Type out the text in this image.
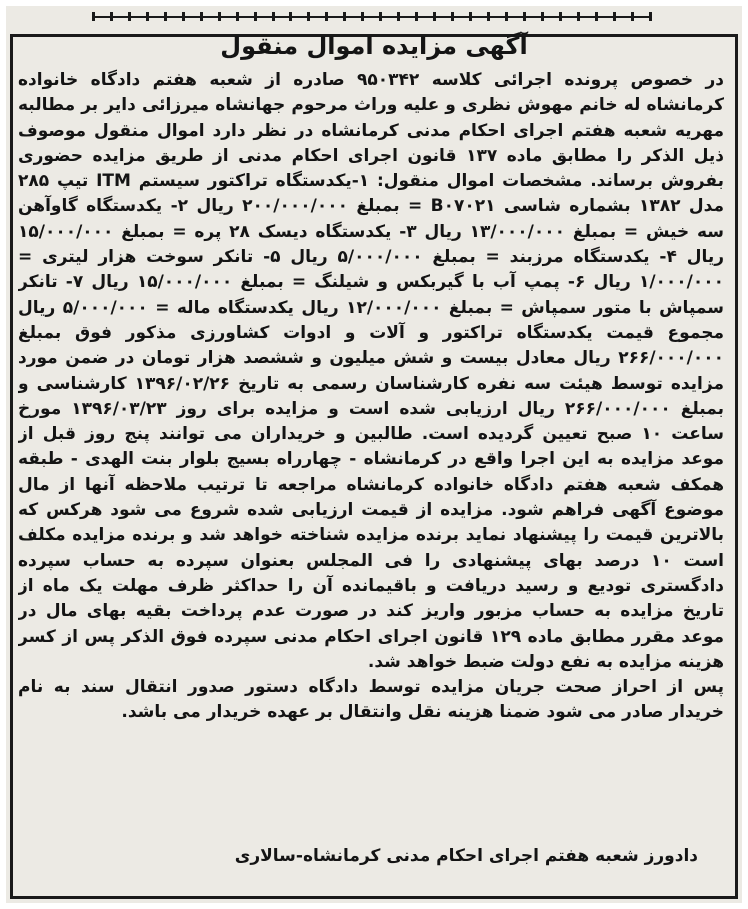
آگهی مزایده اموال منقول

در خصوص پرونده اجرائی کلاسه ۹۵۰۳۴۲ صادره از شعبه هفتم دادگاه خانواده کرمانشاه له خانم مهوش نظری و علیه وراث مرحوم جهانشاه میرزائی دایر بر مطالبه مهریه شعبه هفتم اجرای احکام مدنی کرمانشاه در نظر دارد اموال منقول موصوف ذیل الذکر را مطابق ماده ۱۳۷ قانون اجرای احکام مدنی از طریق مزایده حضوری بفروش برساند. مشخصات اموال منقول: ۱-یکدستگاه تراکتور سیستم ITM تیپ ۲۸۵ مدل ۱۳۸۲ بشماره شاسی B۰۷۰۲۱ = بمبلغ ۲۰۰/۰۰۰/۰۰۰ ریال ۲- یکدستگاه گاوآهن سه خیش = بمبلغ ۱۳/۰۰۰/۰۰۰ ریال ۳- یکدستگاه دیسک ۲۸ پره = بمبلغ ۱۵/۰۰۰/۰۰۰ ریال ۴- یکدستگاه مرزبند = بمبلغ ۵/۰۰۰/۰۰۰ ریال ۵- تانکر سوخت هزار لیتری = ۱/۰۰۰/۰۰۰ ریال ۶- پمپ آب با گیربکس و شیلنگ = بمبلغ ۱۵/۰۰۰/۰۰۰ ریال ۷- تانکر سمپاش با متور سمپاش = بمبلغ ۱۲/۰۰۰/۰۰۰ ریال یکدستگاه ماله = ۵/۰۰۰/۰۰۰ ریال مجموع قیمت یکدستگاه تراکتور و آلات و ادوات کشاورزی مذکور فوق بمبلغ ۲۶۶/۰۰۰/۰۰۰ ریال معادل بیست و شش میلیون و ششصد هزار تومان در ضمن مورد مزایده توسط هیئت سه نفره کارشناسان رسمی به تاریخ ۱۳۹۶/۰۲/۲۶ کارشناسی و بمبلغ ۲۶۶/۰۰۰/۰۰۰ ریال ارزیابی شده است و مزایده برای روز ۱۳۹۶/۰۳/۲۳ مورخ ساعت ۱۰ صبح تعیین گردیده است. طالبین و خریداران می توانند پنج روز قبل از موعد مزایده به این اجرا واقع در کرمانشاه - چهارراه بسیج بلوار بنت الهدی - طبقه همکف شعبه هفتم دادگاه خانواده کرمانشاه مراجعه تا ترتیب ملاحظه آنها از مال موضوع آگهی فراهم شود. مزایده از قیمت ارزیابی شده شروع می شود هرکس که بالاترین قیمت را پیشنهاد نماید برنده مزایده شناخته خواهد شد و برنده مزایده مکلف است ۱۰ درصد بهای پیشنهادی را فی المجلس بعنوان سپرده به حساب سپرده دادگستری تودیع و رسید دریافت و باقیمانده آن را حداکثر ظرف مهلت یک ماه از تاریخ مزایده به حساب مزبور واریز کند در صورت عدم پرداخت بقیه بهای مال در موعد مقرر مطابق ماده ۱۲۹ قانون اجرای احکام مدنی سپرده فوق الذکر پس از کسر هزینه مزایده به نفع دولت ضبط خواهد شد.

پس از احراز صحت جریان مزایده توسط دادگاه دستور صدور انتقال سند به نام خریدار صادر می شود ضمنا هزینه نقل وانتقال بر عهده خریدار می باشد.

دادورز شعبه هفتم اجرای احکام مدنی کرمانشاه-سالاری
